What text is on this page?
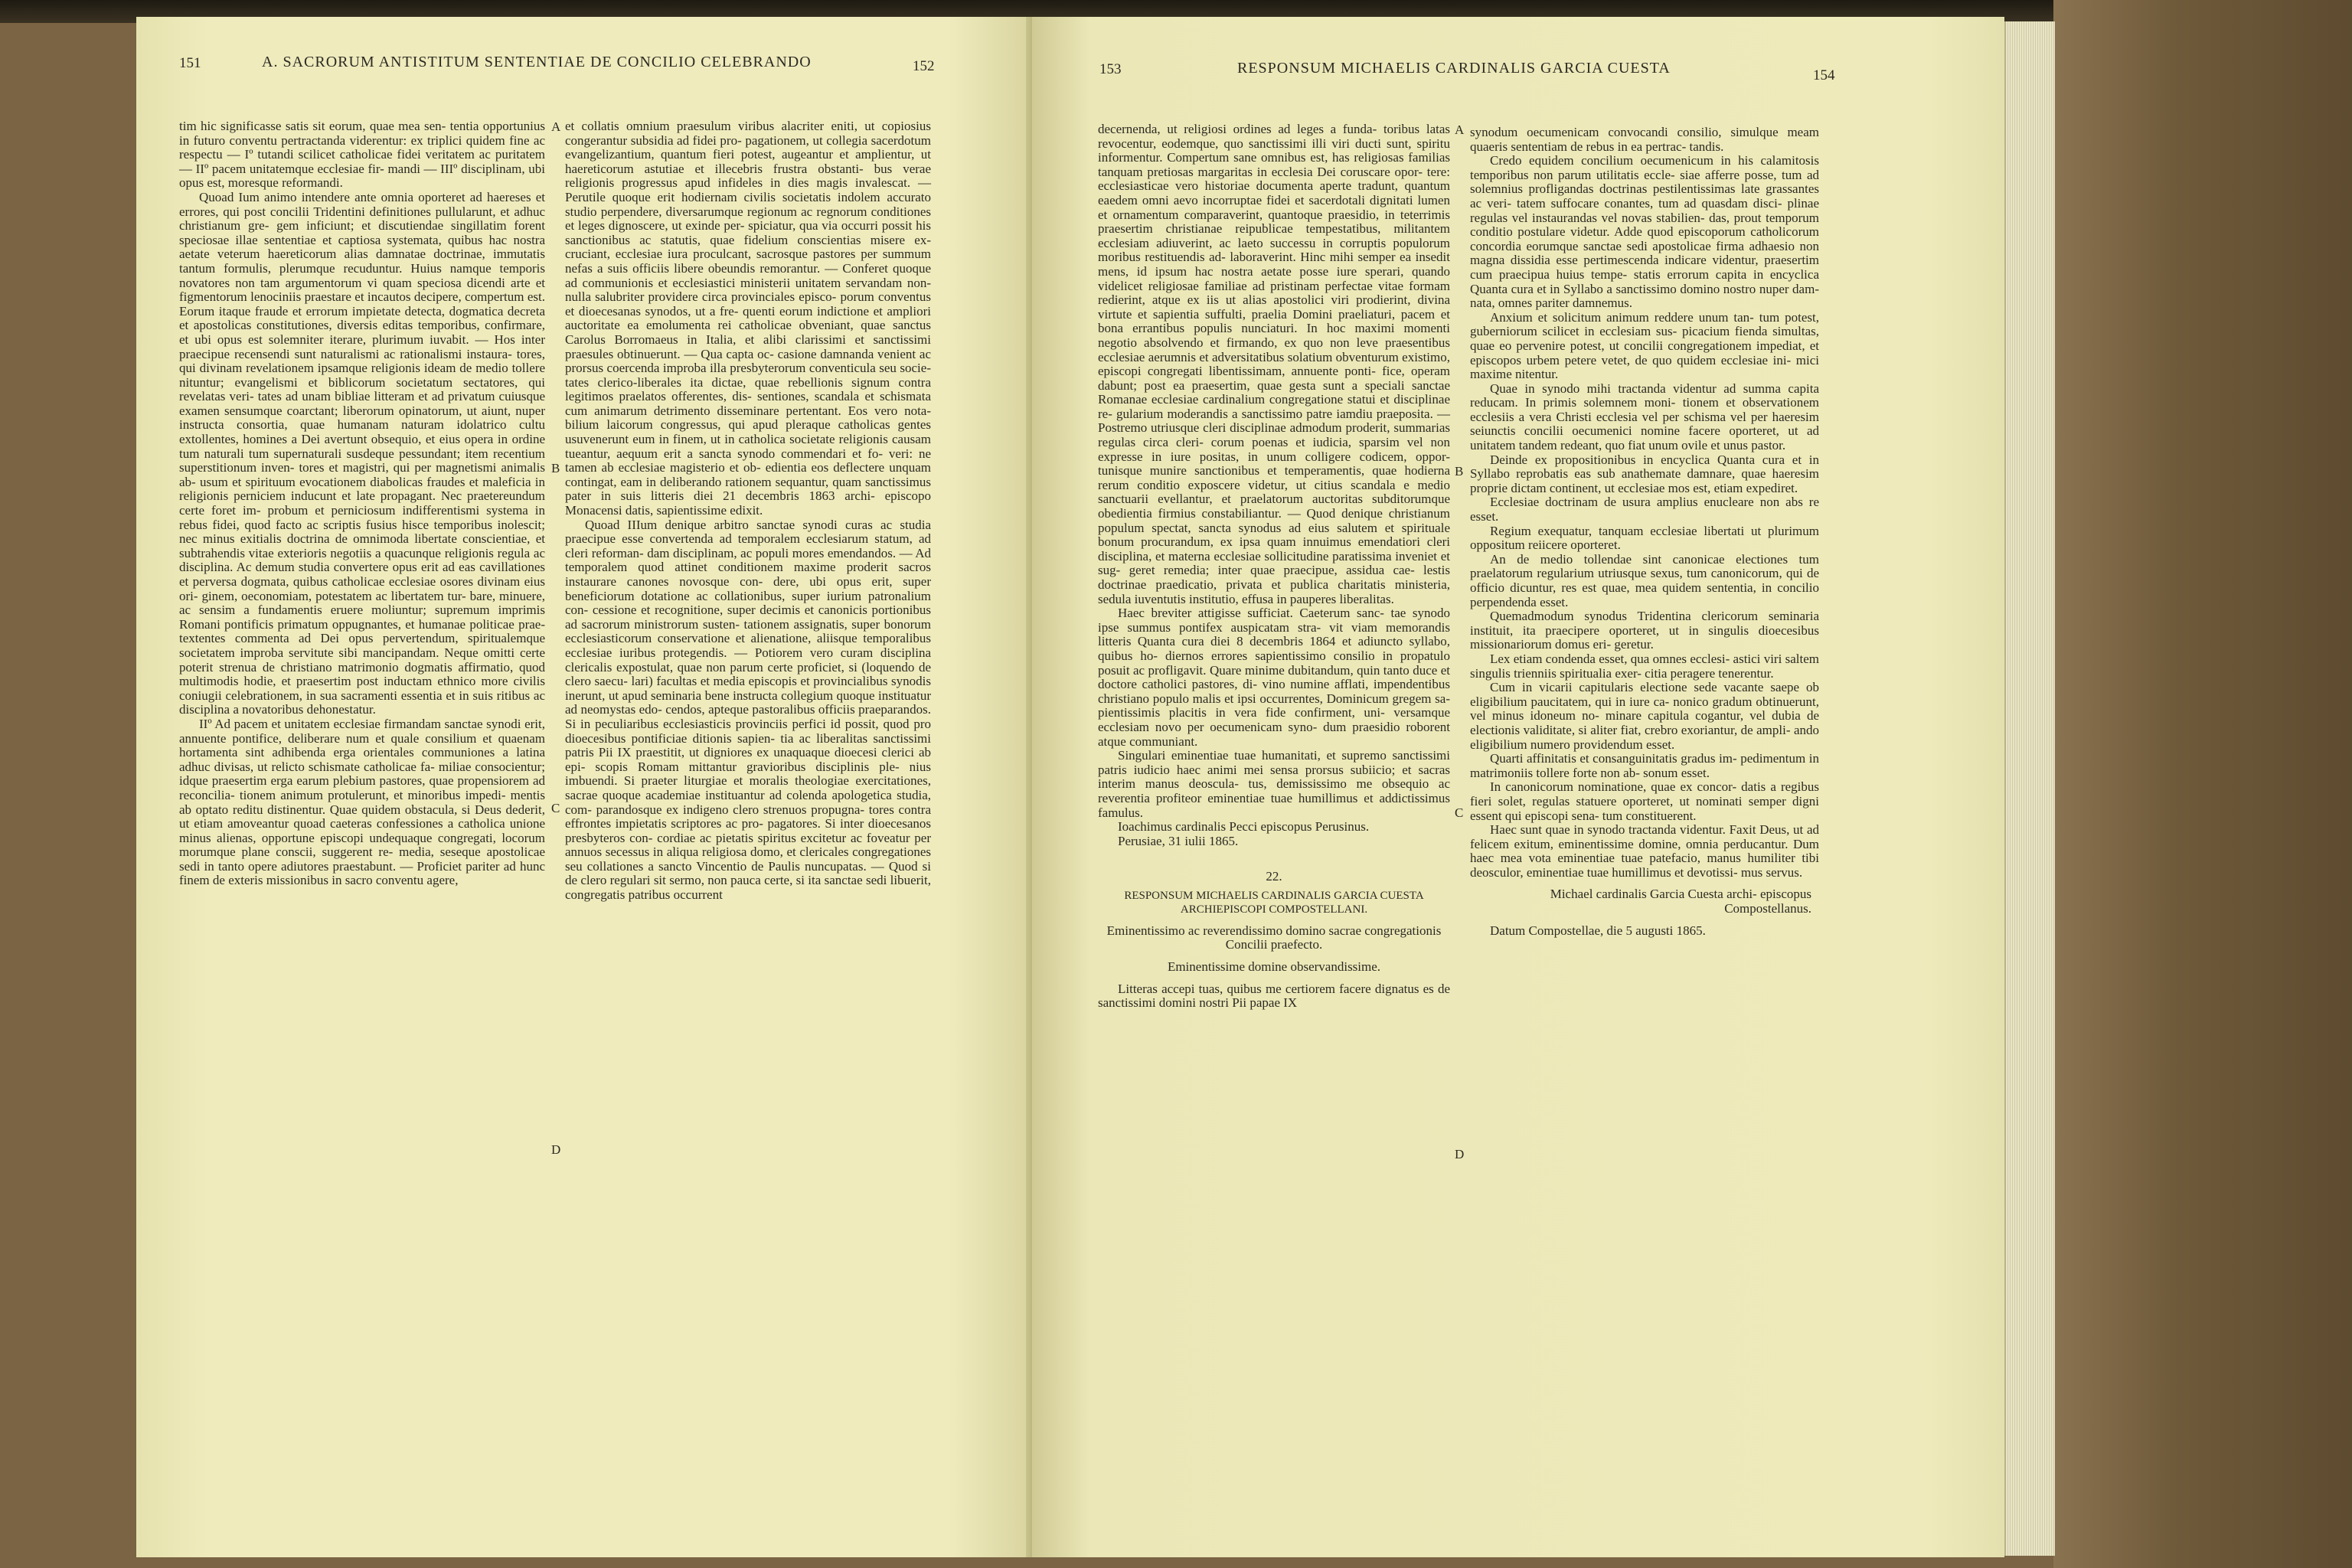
151	152
A. SACRORUM ANTISTITUM SENTENTIAE DE CONCILIO CELEBRANDO

tim hic significasse satis sit eorum, quae mea sen- tentia opportunius in futuro conventu pertractanda viderentur: ex triplici quidem fine ac respectu — Iº tutandi scilicet catholicae fidei veritatem ac puritatem — IIº pacem unitatemque ecclesiae fir- mandi — IIIº disciplinam, ubi opus est, moresque reformandi.

Quoad Ium animo intendere ante omnia oporteret ad haereses et errores, qui post concilii Tridentini definitiones pullularunt, et adhuc christianum gre- gem inficiunt; et discutiendae singillatim forent speciosae illae sententiae et captiosa systemata, quibus hac nostra aetate veterum haereticorum alias damnatae doctrinae, immutatis tantum formulis, plerumque recuduntur. Huius namque temporis novatores non tam argumentorum vi quam speciosa dicendi arte et figmentorum lenociniis praestare et incautos decipere, compertum est. Eorum itaque fraude et errorum impietate detecta, dogmatica decreta et apostolicas constitutiones, diversis editas temporibus, confirmare, et ubi opus est solemniter iterare, plurimum iuvabit. — Hos inter praecipue recensendi sunt naturalismi ac rationalismi instaura- tores, qui divinam revelationem ipsamque religionis ideam de medio tollere nituntur; evangelismi et biblicorum societatum sectatores, qui revelatas veri- tates ad unam bibliae litteram et ad privatum cuiusque examen sensumque coarctant; liberorum opinatorum, ut aiunt, nuper instructa consortia, quae humanam naturam idolatrico cultu extollentes, homines a Dei avertunt obsequio, et eius opera in ordine tum naturali tum supernaturali susdeque pessundant; item recentium superstitionum inven- tores et magistri, qui per magnetismi animalis ab- usum et spirituum evocationem diabolicas fraudes et maleficia in religionis perniciem inducunt et late propagant. Nec praetereundum certe foret im- probum et perniciosum indifferentismi systema in rebus fidei, quod facto ac scriptis fusius hisce temporibus inolescit; nec minus exitialis doctrina de omnimoda libertate conscientiae, et subtrahendis vitae exterioris negotiis a quacunque religionis regula ac disciplina. Ac demum studia convertere opus erit ad eas cavillationes et perversa dogmata, quibus catholicae ecclesiae osores divinam eius ori- ginem, oeconomiam, potestatem ac libertatem tur- bare, minuere, ac sensim a fundamentis eruere moliuntur; supremum imprimis Romani pontificis primatum oppugnantes, et humanae politicae prae- textentes commenta ad Dei opus pervertendum, spiritualemque societatem improba servitute sibi mancipandam. Neque omitti certe poterit strenua de christiano matrimonio dogmatis affirmatio, quod multimodis hodie, et praesertim post inductam ethnico more civilis coniugii celebrationem, in sua sacramenti essentia et in suis ritibus ac disciplina a novatoribus dehonestatur.

IIº Ad pacem et unitatem ecclesiae firmandam sanctae synodi erit, annuente pontifice, deliberare num et quale consilium et quaenam hortamenta sint adhibenda erga orientales communiones a latina adhuc divisas, ut relicto schismate catholicae fa- miliae consocientur; idque praesertim erga earum plebium pastores, quae propensiorem ad reconcilia- tionem animum protulerunt, et minoribus impedi- mentis ab optato reditu distinentur. Quae quidem obstacula, si Deus dederit, ut etiam amoveantur quoad caeteras confessiones a catholica unione minus alienas, opportune episcopi undequaque congregati, locorum morumque plane conscii, suggerent re- media, seseque apostolicae sedi in tanto opere adiutores praestabunt. — Proficiet pariter ad hunc finem de exteris missionibus in sacro conventu agere,

A
B
C
D

et collatis omnium praesulum viribus alacriter eniti, ut copiosius congerantur subsidia ad fidei pro- pagationem, ut collegia sacerdotum evangelizantium, quantum fieri potest, augeantur et amplientur, ut haereticorum astutiae et illecebris frustra obstanti- bus verae religionis progressus apud infideles in dies magis invalescat. — Perutile quoque erit hodiernam civilis societatis indolem accurato studio perpendere, diversarumque regionum ac regnorum conditiones et leges dignoscere, ut exinde per- spiciatur, qua via occurri possit his sanctionibus ac statutis, quae fidelium conscientias misere ex- cruciant, ecclesiae iura proculcant, sacrosque pastores per summum nefas a suis officiis libere obeundis remorantur. — Conferet quoque ad communionis et ecclesiastici ministerii unitatem servandam non- nulla salubriter providere circa provinciales episco- porum conventus et dioecesanas synodos, ut a fre- quenti eorum indictione et ampliori auctoritate ea emolumenta rei catholicae obveniant, quae sanctus Carolus Borromaeus in Italia, et alibi clarissimi et sanctissimi praesules obtinuerunt. — Qua capta oc- casione damnanda venient ac prorsus coercenda improba illa presbyterorum conventicula seu socie- tates clerico-liberales ita dictae, quae rebellionis signum contra legitimos praelatos offerentes, dis- sentiones, scandala et schismata cum animarum detrimento disseminare pertentant. Eos vero nota- bilium laicorum congressus, qui apud pleraque catholicas gentes usuvenerunt eum in finem, ut in catholica societate religionis causam tueantur, aequum erit a sancta synodo commendari et fo- veri: ne tamen ab ecclesiae magisterio et ob- edientia eos deflectere unquam contingat, eam in deliberando rationem sequantur, quam sanctissimus pater in suis litteris diei 21 decembris 1863 archi- episcopo Monacensi datis, sapientissime edixit.

Quoad IIIum denique arbitro sanctae synodi curas ac studia praecipue esse convertenda ad temporalem ecclesiarum statum, ad cleri reforman- dam disciplinam, ac populi mores emendandos. — Ad temporalem quod attinet conditionem maxime proderit sacros instaurare canones novosque con- dere, ubi opus erit, super beneficiorum dotatione ac collationibus, super iurium patronalium con- cessione et recognitione, super decimis et canonicis portionibus ad sacrorum ministrorum susten- tationem assignatis, super bonorum ecclesiasticorum conservatione et alienatione, aliisque temporalibus ecclesiae iuribus protegendis. — Potiorem vero curam disciplina clericalis expostulat, quae non parum certe proficiet, si (loquendo de clero saecu- lari) facultas et media episcopis et provincialibus synodis inerunt, ut apud seminaria bene instructa collegium quoque instituatur ad neomystas edo- cendos, apteque pastoralibus officiis praeparandos. Si in peculiaribus ecclesiasticis provinciis perfici id possit, quod pro dioecesibus pontificiae ditionis sapien- tia ac liberalitas sanctissimi patris Pii IX praestitit, ut digniores ex unaquaque dioecesi clerici ab epi- scopis Romam mittantur gravioribus disciplinis ple- nius imbuendi. Si praeter liturgiae et moralis theologiae exercitationes, sacrae quoque academiae instituantur ad colenda apologetica studia, com- parandosque ex indigeno clero strenuos propugna- tores contra effrontes impietatis scriptores ac pro- pagatores. Si inter dioecesanos presbyteros con- cordiae ac pietatis spiritus excitetur ac foveatur per annuos secessus in aliqua religiosa domo, et clericales congregationes seu collationes a sancto Vincentio de Paulis nuncupatas. — Quod si de clero regulari sit sermo, non pauca certe, si ita sanctae sedi libuerit, congregatis patribus occurrent

153	154
RESPONSUM MICHAELIS CARDINALIS GARCIA CUESTA

decernenda, ut religiosi ordines ad leges a funda- toribus latas revocentur, eodemque, quo sanctissimi illi viri ducti sunt, spiritu informentur. Compertum sane omnibus est, has religiosas familias tanquam pretiosas margaritas in ecclesia Dei coruscare opor- tere: ecclesiasticae vero historiae documenta aperte tradunt, quantum eaedem omni aevo incorruptae fidei et sacerdotali dignitati lumen et ornamentum comparaverint, quantoque praesidio, in teterrimis praesertim christianae reipublicae tempestatibus, militantem ecclesiam adiuverint, ac laeto successu in corruptis populorum moribus restituendis ad- laboraverint. Hinc mihi semper ea insedit mens, id ipsum hac nostra aetate posse iure sperari, quando videlicet religiosae familiae ad pristinam perfectae vitae formam redierint, atque ex iis ut alias apostolici viri prodierint, divina virtute et sapientia suffulti, praelia Domini praeliaturi, pacem et bona errantibus populis nunciaturi. In hoc maximi momenti negotio absolvendo et firmando, ex quo non leve praesentibus ecclesiae aerumnis et adversitatibus solatium obventurum existimo, episcopi congregati libentissimam, annuente ponti- fice, operam dabunt; post ea praesertim, quae gesta sunt a speciali sanctae Romanae ecclesiae cardinalium congregatione statui et disciplinae re- gularium moderandis a sanctissimo patre iamdiu praeposita. — Postremo utriusque cleri disciplinae admodum proderit, summarias regulas circa cleri- corum poenas et iudicia, sparsim vel non expresse in iure positas, in unum colligere codicem, oppor- tunisque munire sanctionibus et temperamentis, quae hodierna rerum conditio exposcere videtur, ut citius scandala e medio sanctuarii evellantur, et praelatorum auctoritas subditorumque obedientia firmius constabiliantur. — Quod denique christianum populum spectat, sancta synodus ad eius salutem et spirituale bonum procurandum, ex ipsa quam innuimus emendatiori cleri disciplina, et materna ecclesiae sollicitudine paratissima inveniet et sug- geret remedia; inter quae praecipue, assidua cae- lestis doctrinae praedicatio, privata et publica charitatis ministeria, sedula iuventutis institutio, effusa in pauperes liberalitas.

Haec breviter attigisse sufficiat. Caeterum sanc- tae synodo ipse summus pontifex auspicatam stra- vit viam memorandis litteris Quanta cura diei 8 decembris 1864 et adiuncto syllabo, quibus ho- diernos errores sapientissimo consilio in propatulo posuit ac profligavit. Quare minime dubitandum, quin tanto duce et doctore catholici pastores, di- vino numine afflati, impendentibus christiano populo malis et ipsi occurrentes, Dominicum gregem sa- pientissimis placitis in vera fide confirment, uni- versamque ecclesiam novo per oecumenicam syno- dum praesidio roborent atque communiant.

Singulari eminentiae tuae humanitati, et supremo sanctissimi patris iudicio haec animi mei sensa prorsus subiicio; et sacras interim manus deoscula- tus, demississimo me obsequio ac reverentia profiteor eminentiae tuae humillimus et addictissimus famulus.

Ioachimus cardinalis Pecci episcopus Perusinus.

Perusiae, 31 iulii 1865.

22.

RESPONSUM MICHAELIS CARDINALIS GARCIA CUESTA ARCHIEPISCOPI COMPOSTELLANI.

Eminentissimo ac reverendissimo domino sacrae congregationis Concilii praefecto.

Eminentissime domine observandissime.

Litteras accepi tuas, quibus me certiorem facere dignatus es de sanctissimi domini nostri Pii papae IX

A
B
C
D

synodum oecumenicam convocandi consilio, simulque meam quaeris sententiam de rebus in ea pertrac- tandis.

Credo equidem concilium oecumenicum in his calamitosis temporibus non parum utilitatis eccle- siae afferre posse, tum ad solemnius profligandas doctrinas pestilentissimas late grassantes ac veri- tatem suffocare conantes, tum ad quasdam disci- plinae regulas vel instaurandas vel novas stabilien- das, prout temporum conditio postulare videtur. Adde quod episcoporum catholicorum concordia eorumque sanctae sedi apostolicae firma adhaesio non magna dissidia esse pertimescenda indicare videntur, praesertim cum praecipua huius tempe- statis errorum capita in encyclica Quanta cura et in Syllabo a sanctissimo domino nostro nuper dam- nata, omnes pariter damnemus.

Anxium et solicitum animum reddere unum tan- tum potest, guberniorum scilicet in ecclesiam sus- picacium fienda simultas, quae eo pervenire potest, ut concilii congregationem impediat, et episcopos urbem petere vetet, de quo quidem ecclesiae ini- mici maxime nitentur.

Quae in synodo mihi tractanda videntur ad summa capita reducam. In primis solemnem moni- tionem et observationem ecclesiis a vera Christi ecclesia vel per schisma vel per haeresim seiunctis concilii oecumenici nomine facere oporteret, ut ad unitatem tandem redeant, quo fiat unum ovile et unus pastor.

Deinde ex propositionibus in encyclica Quanta cura et in Syllabo reprobatis eas sub anathemate damnare, quae haeresim proprie dictam continent, ut ecclesiae mos est, etiam expediret.

Ecclesiae doctrinam de usura amplius enucleare non abs re esset.

Regium exequatur, tanquam ecclesiae libertati ut plurimum oppositum reiicere oporteret.

An de medio tollendae sint canonicae electiones tum praelatorum regularium utriusque sexus, tum canonicorum, qui de officio dicuntur, res est quae, mea quidem sententia, in concilio perpendenda esset.

Quemadmodum synodus Tridentina clericorum seminaria instituit, ita praecipere oporteret, ut in singulis dioecesibus missionariorum domus eri- geretur.

Lex etiam condenda esset, qua omnes ecclesi- astici viri saltem singulis trienniis spiritualia exer- citia peragere tenerentur.

Cum in vicarii capitularis electione sede vacante saepe ob eligibilium paucitatem, qui in iure ca- nonico gradum obtinuerunt, vel minus idoneum no- minare capitula cogantur, vel dubia de electionis validitate, si aliter fiat, crebro exoriantur, de ampli- ando eligibilium numero providendum esset.

Quarti affinitatis et consanguinitatis gradus im- pedimentum in matrimoniis tollere forte non ab- sonum esset.

In canonicorum nominatione, quae ex concor- datis a regibus fieri solet, regulas statuere oporteret, ut nominati semper digni essent qui episcopi sena- tum constituerent.

Haec sunt quae in synodo tractanda videntur. Faxit Deus, ut ad felicem exitum, eminentissime domine, omnia perducantur. Dum haec mea vota eminentiae tuae patefacio, manus humiliter tibi deosculor, eminentiae tuae humillimus et devotissi- mus servus.

Michael cardinalis Garcia Cuesta archi- episcopus Compostellanus.

Datum Compostellae, die 5 augusti 1865.
